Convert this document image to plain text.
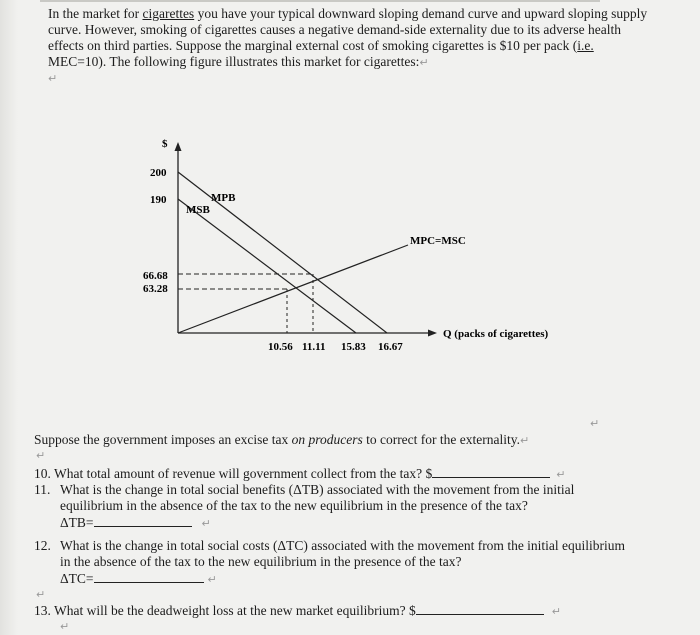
In the market for cigarettes you have your typical downward sloping demand curve and upward sloping supply curve. However, smoking of cigarettes causes a negative demand-side externality due to its adverse health effects on third parties. Suppose the marginal external cost of smoking cigarettes is $10 per pack (i.e. MEC=10). The following figure illustrates this market for cigarettes:↵

↵
$
200
190
66.68
63.28
MPB
MSB
MPC=MSC
10.56 11.11 15.83 16.67
Q (packs of cigarettes)
↵
Suppose the government imposes an excise tax on producers to correct for the externality.↵
↵
10. What total amount of revenue will government collect from the tax? $	↵
11. What is the change in total social benefits (ΔTB) associated with the movement from the initial equilibrium in the absence of the tax to the new equilibrium in the presence of the tax?
ΔTB=	↵
12. What is the change in total social costs (ΔTC) associated with the movement from the initial equilibrium in the absence of the tax to the new equilibrium in the presence of the tax?
ΔTC=	↵
↵
13. What will be the deadweight loss at the new market equilibrium? $	↵
↵
